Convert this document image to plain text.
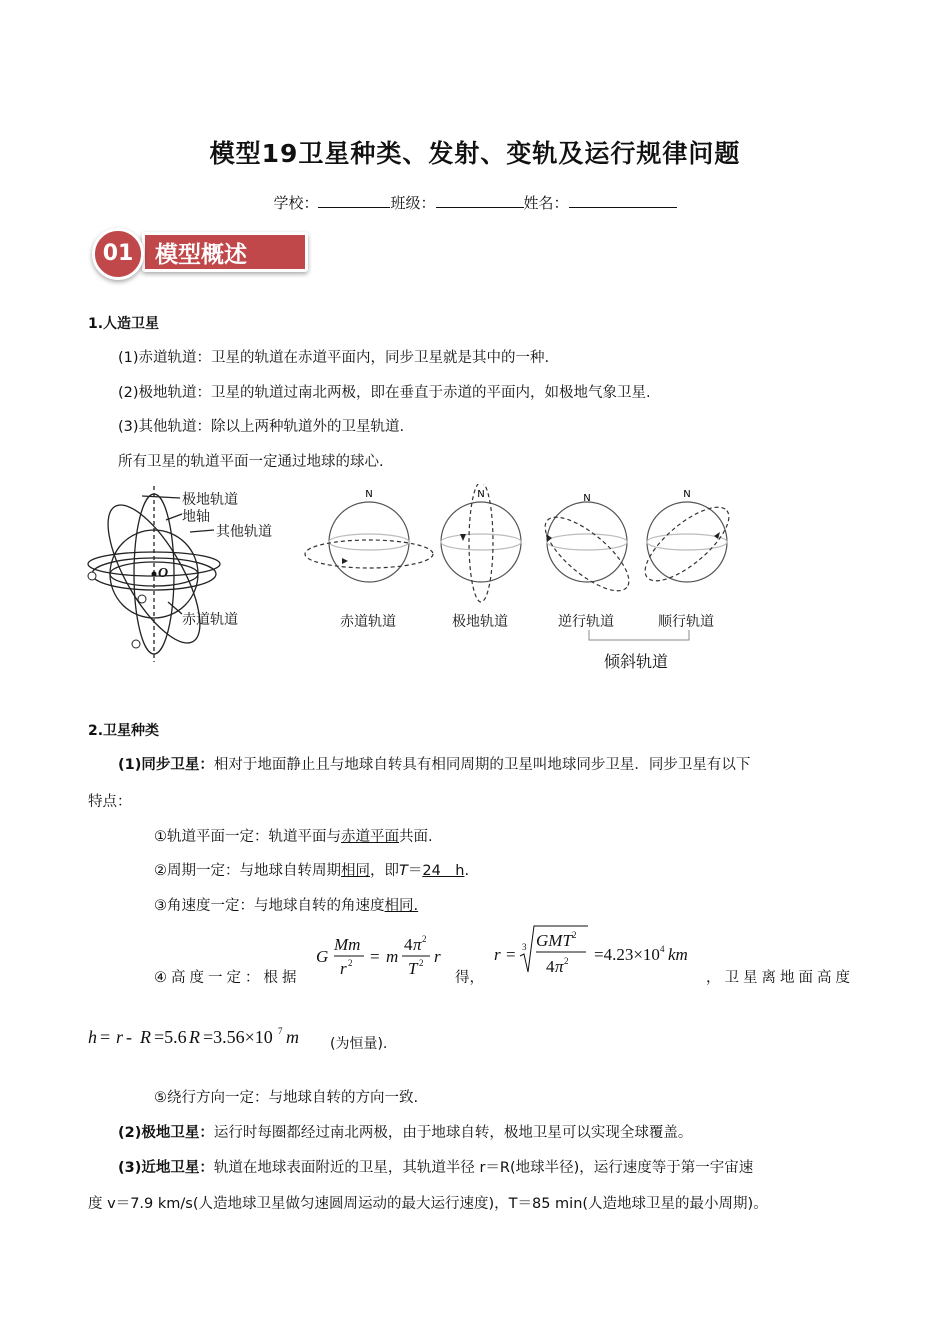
模型19卫星种类、发射、变轨及运行规律问题
学校：	班级：	姓名：
01 模型概述
1.人造卫星
(1)赤道轨道：卫星的轨道在赤道平面内，同步卫星就是其中的一种.
(2)极地轨道：卫星的轨道过南北两极，即在垂直于赤道的平面内，如极地气象卫星.
(3)其他轨道：除以上两种轨道外的卫星轨道.
所有卫星的轨道平面一定通过地球的球心.
极地轨道
地轴
其他轨道
O
赤道轨道
N	N	N	N
赤道轨道	极地轨道	逆行轨道	顺行轨道
倾斜轨道
2.卫星种类
(1)同步卫星：相对于地面静止且与地球自转具有相同周期的卫星叫地球同步卫星．同步卫星有以下
特点：
①轨道平面一定：轨道平面与赤道平面共面.
②周期一定：与地球自转周期相同，即T＝24　h.
③角速度一定：与地球自转的角速度相同.
④高度一定：根据
G
Mm
r 2 = m
4 π 2
T 2 r
得，
r = 3 GMT 2
4 π 2 =4.23×10 4 km
，卫星离地面高度
h = r - R =5.6 R =3.56×10 7 m (为恒量).
⑤绕行方向一定：与地球自转的方向一致.
(2)极地卫星：运行时每圈都经过南北两极，由于地球自转，极地卫星可以实现全球覆盖。
(3)近地卫星：轨道在地球表面附近的卫星，其轨道半径 r＝R(地球半径)，运行速度等于第一宇宙速
度 v＝7.9 km/s(人造地球卫星做匀速圆周运动的最大运行速度)，T＝85 min(人造地球卫星的最小周期)。
